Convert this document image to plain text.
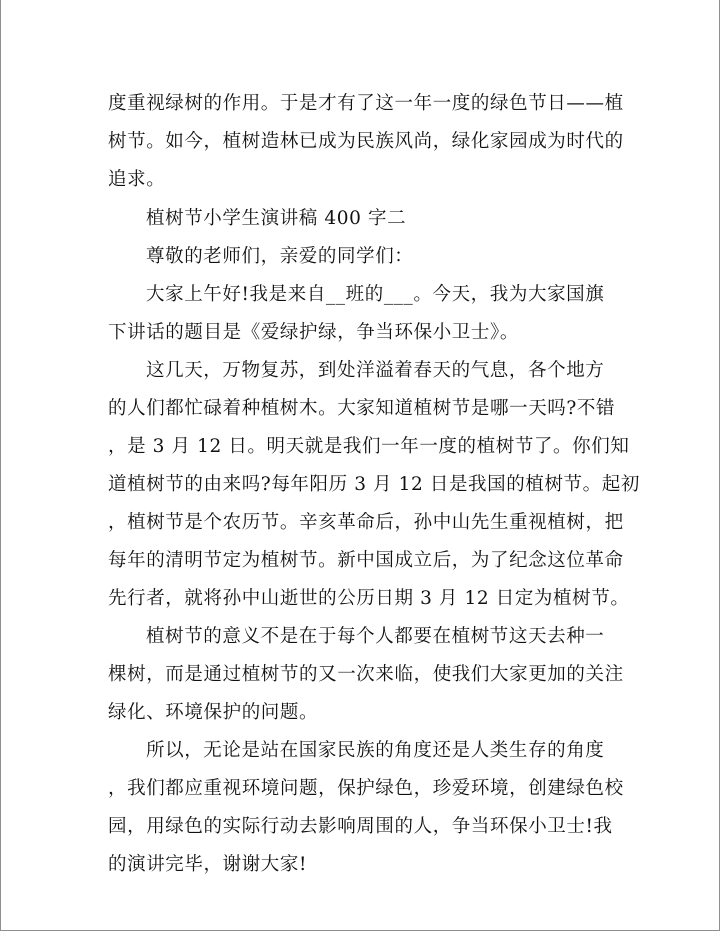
度重视绿树的作用。于是才有了这一年一度的绿色节日——植
树节。如今，植树造林已成为民族风尚，绿化家园成为时代的
追求。
植树节小学生演讲稿 400 字二
尊敬的老师们，亲爱的同学们：
大家上午好!我是来自__班的___。今天，我为大家国旗
下讲话的题目是《爱绿护绿，争当环保小卫士》。
这几天，万物复苏，到处洋溢着春天的气息，各个地方
的人们都忙碌着种植树木。大家知道植树节是哪一天吗?不错
，是 3 月 12 日。明天就是我们一年一度的植树节了。你们知
道植树节的由来吗?每年阳历 3 月 12 日是我国的植树节。起初
，植树节是个农历节。辛亥革命后，孙中山先生重视植树，把
每年的清明节定为植树节。新中国成立后，为了纪念这位革命
先行者，就将孙中山逝世的公历日期 3 月 12 日定为植树节。
植树节的意义不是在于每个人都要在植树节这天去种一
棵树，而是通过植树节的又一次来临，使我们大家更加的关注
绿化、环境保护的问题。
所以，无论是站在国家民族的角度还是人类生存的角度
，我们都应重视环境问题，保护绿色，珍爱环境，创建绿色校
园，用绿色的实际行动去影响周围的人，争当环保小卫士!我
的演讲完毕，谢谢大家!
